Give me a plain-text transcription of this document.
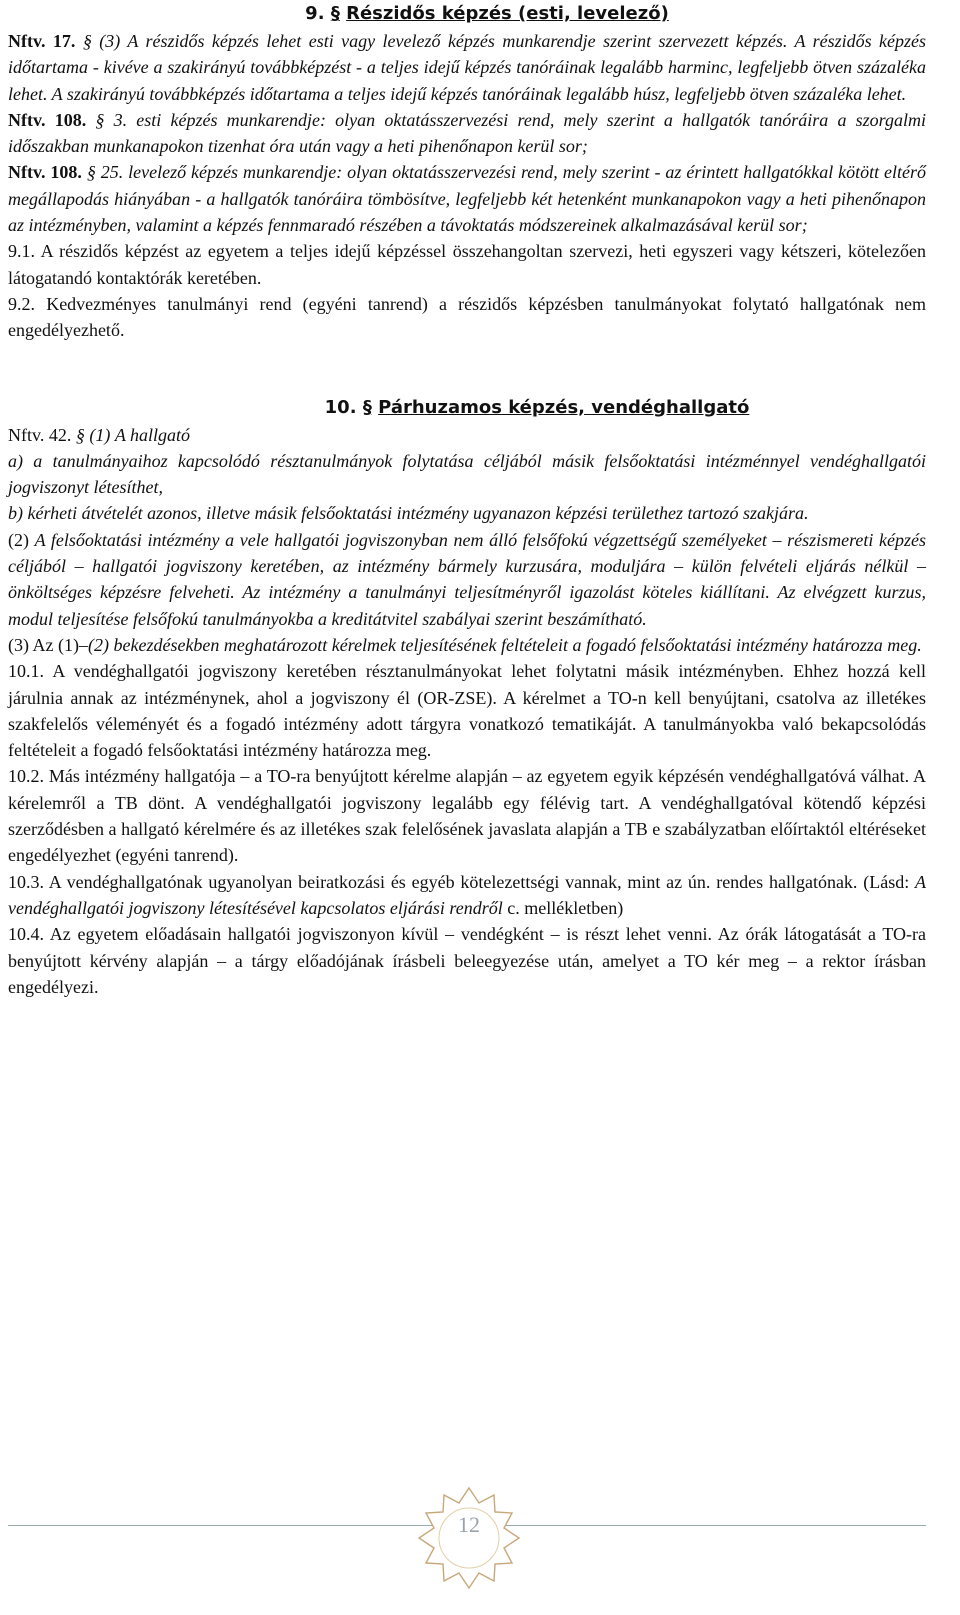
9. § Részidős képzés (esti, levelező)

Nftv. 17. § (3) A részidős képzés lehet esti vagy levelező képzés munkarendje szerint szervezett képzés. A részidős képzés időtartama - kivéve a szakirányú továbbképzést - a teljes idejű képzés tanóráinak legalább harminc, legfeljebb ötven százaléka lehet. A szakirányú továbbképzés időtartama a teljes idejű képzés tanóráinak legalább húsz, legfeljebb ötven százaléka lehet.

Nftv. 108. § 3. esti képzés munkarendje: olyan oktatásszervezési rend, mely szerint a hallgatók tanóráira a szorgalmi időszakban munkanapokon tizenhat óra után vagy a heti pihenőnapon kerül sor;

Nftv. 108. § 25. levelező képzés munkarendje: olyan oktatásszervezési rend, mely szerint - az érintett hallgatókkal kötött eltérő megállapodás hiányában - a hallgatók tanóráira tömbösítve, legfeljebb két hetenként munkanapokon vagy a heti pihenőnapon az intézményben, valamint a képzés fennmaradó részében a távoktatás módszereinek alkalmazásával kerül sor;

9.1. A részidős képzést az egyetem a teljes idejű képzéssel összehangoltan szervezi, heti egyszeri vagy kétszeri, kötelezően látogatandó kontaktórák keretében.

9.2. Kedvezményes tanulmányi rend (egyéni tanrend) a részidős képzésben tanulmányokat folytató hallgatónak nem engedélyezhető.

10. § Párhuzamos képzés, vendéghallgató

Nftv. 42. § (1) A hallgató

a) a tanulmányaihoz kapcsolódó résztanulmányok folytatása céljából másik felsőoktatási intézménnyel vendéghallgatói jogviszonyt létesíthet,

b) kérheti átvételét azonos, illetve másik felsőoktatási intézmény ugyanazon képzési területhez tartozó szakjára.

(2) A felsőoktatási intézmény a vele hallgatói jogviszonyban nem álló felsőfokú végzettségű személyeket – részismereti képzés céljából – hallgatói jogviszony keretében, az intézmény bármely kurzusára, moduljára – külön felvételi eljárás nélkül – önköltséges képzésre felveheti. Az intézmény a tanulmányi teljesítményről igazolást köteles kiállítani. Az elvégzett kurzus, modul teljesítése felsőfokú tanulmányokba a kreditátvitel szabályai szerint beszámítható.

(3) Az (1)–(2) bekezdésekben meghatározott kérelmek teljesítésének feltételeit a fogadó felsőoktatási intézmény határozza meg.

10.1. A vendéghallgatói jogviszony keretében résztanulmányokat lehet folytatni másik intézményben. Ehhez hozzá kell járulnia annak az intézménynek, ahol a jogviszony él (OR-ZSE). A kérelmet a TO-n kell benyújtani, csatolva az illetékes szakfelelős véleményét és a fogadó intézmény adott tárgyra vonatkozó tematikáját. A tanulmányokba való bekapcsolódás feltételeit a fogadó felsőoktatási intézmény határozza meg.

10.2. Más intézmény hallgatója – a TO-ra benyújtott kérelme alapján – az egyetem egyik képzésén vendéghallgatóvá válhat. A kérelemről a TB dönt. A vendéghallgatói jogviszony legalább egy félévig tart. A vendéghallgatóval kötendő képzési szerződésben a hallgató kérelmére és az illetékes szak felelősének javaslata alapján a TB e szabályzatban előírtaktól eltéréseket engedélyezhet (egyéni tanrend).

10.3. A vendéghallgatónak ugyanolyan beiratkozási és egyéb kötelezettségi vannak, mint az ún. rendes hallgatónak. (Lásd: A vendéghallgatói jogviszony létesítésével kapcsolatos eljárási rendről c. mellékletben)

10.4. Az egyetem előadásain hallgatói jogviszonyon kívül – vendégként – is részt lehet venni. Az órák látogatását a TO-ra benyújtott kérvény alapján – a tárgy előadójának írásbeli beleegyezése után, amelyet a TO kér meg – a rektor írásban engedélyezi.

12
